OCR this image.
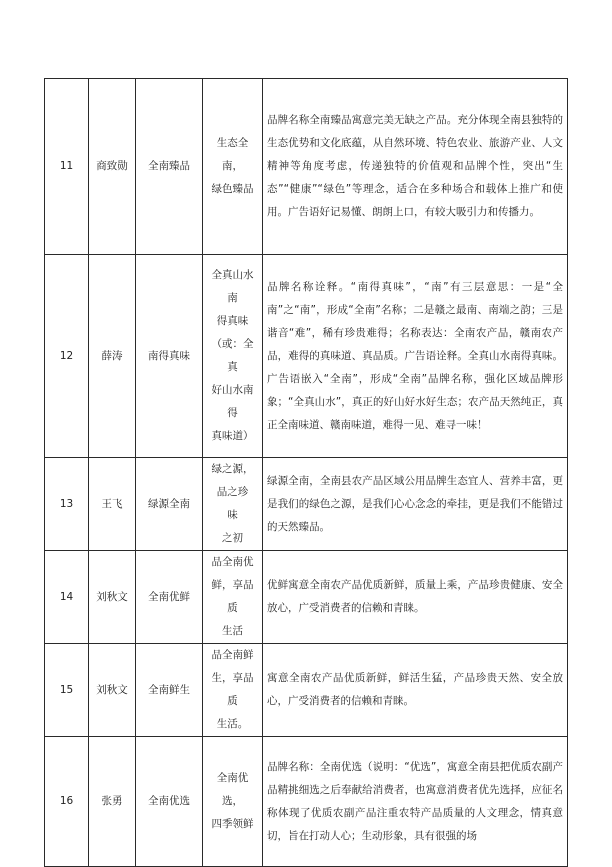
11	商致勋	全南臻品	生态全南，
绿色臻品	品牌名称全南臻品寓意完美无缺之产品。充分体现全南县独特的生态优势和文化底蕴，从自然环境、特色农业、旅游产业、人文精神等角度考虑，传递独特的价值观和品牌个性，突出“生态”“健康”“绿色”等理念，适合在多种场合和载体上推广和使用。广告语好记易懂、朗朗上口，有较大吸引力和传播力。

12	薛涛	南得真味	全真山水南
得真味
（或：全真
好山水南得
真味道）	品牌名称诠释。“南得真味”，“南”有三层意思：一是“全南”之“南”，形成“全南”名称；二是赣之最南、南端之韵；三是谐音“难”，稀有珍贵难得；名称表达：全南农产品，赣南农产品，难得的真味道、真品质。广告语诠释。全真山水南得真味。广告语嵌入“全南”，形成“全南”品牌名称，强化区域品牌形象；“全真山水”，真正的好山好水好生态；农产品天然纯正，真正全南味道、赣南味道，难得一见、难寻一味！

13	王飞	绿源全南	绿之源，
品之珍　味
之初	绿源全南，全南县农产品区域公用品牌生态宜人、营养丰富，更是我们的绿色之源，是我们心心念念的牵挂，更是我们不能错过的天然臻品。

14	刘秋文	全南优鲜	品全南优
鲜，享品质
生活	优鲜寓意全南农产品优质新鲜，质量上乘，产品珍贵健康、安全放心，广受消费者的信赖和青睐。

15	刘秋文	全南鲜生	品全南鲜
生，享品质
生活。	寓意全南农产品优质新鲜，鲜活生猛，产品珍贵天然、安全放心，广受消费者的信赖和青睐。

16	张勇	全南优选	全南优选，
四季领鲜	品牌名称：全南优选（说明：“优选”，寓意全南县把优质农副产品精挑细选之后奉献给消费者，也寓意消费者优先选择，应征名称体现了优质农副产品注重农特产品质量的人文理念，情真意切，旨在打动人心；生动形象，具有很强的场
